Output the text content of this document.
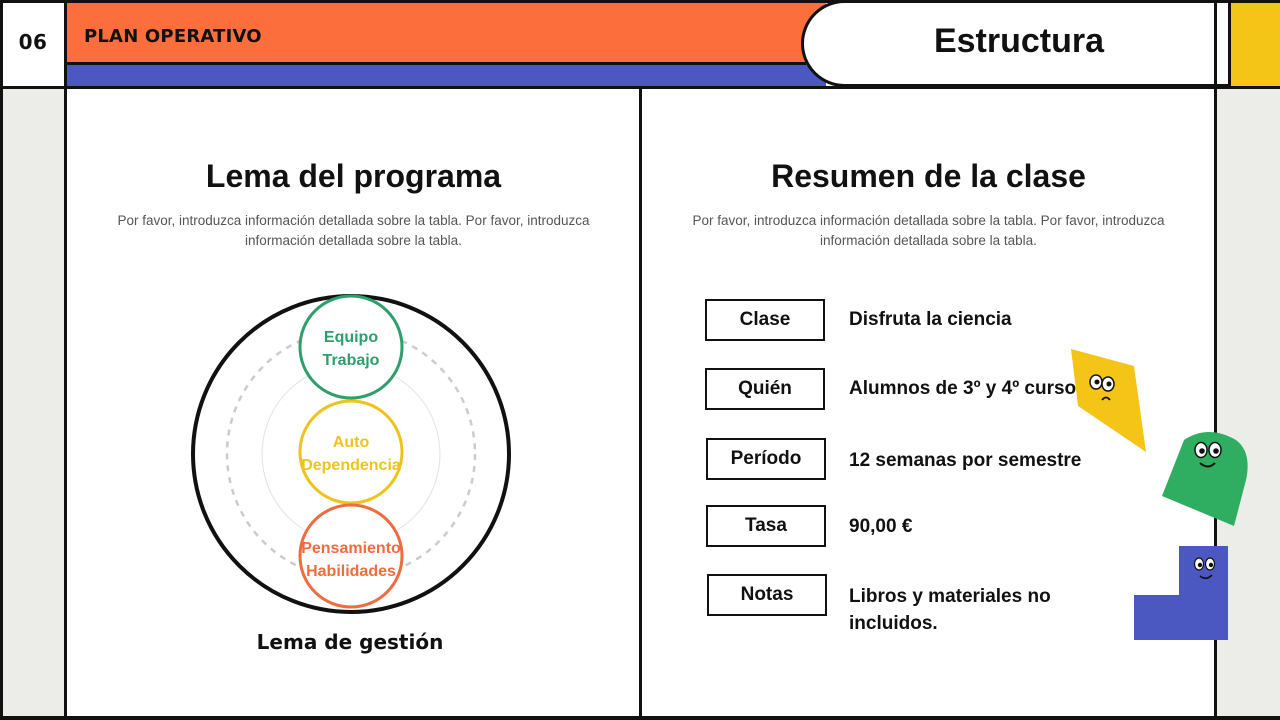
06	PLAN OPERATIVO	Estructura
Lema del programa
Por favor, introduzca información detallada sobre la tabla. Por favor, introduzca información detallada sobre la tabla.
Resumen de la clase
Por favor, introduzca información detallada sobre la tabla. Por favor, introduzca información detallada sobre la tabla.
Equipo
Trabajo
Auto
Dependencia
Pensamiento
Habilidades
Lema de gestión
Clase	Disfruta la ciencia
Quién	Alumnos de 3º y 4º curso
Período	12 semanas por semestre
Tasa	90,00 €
Notas	Libros y materiales no incluidos.
